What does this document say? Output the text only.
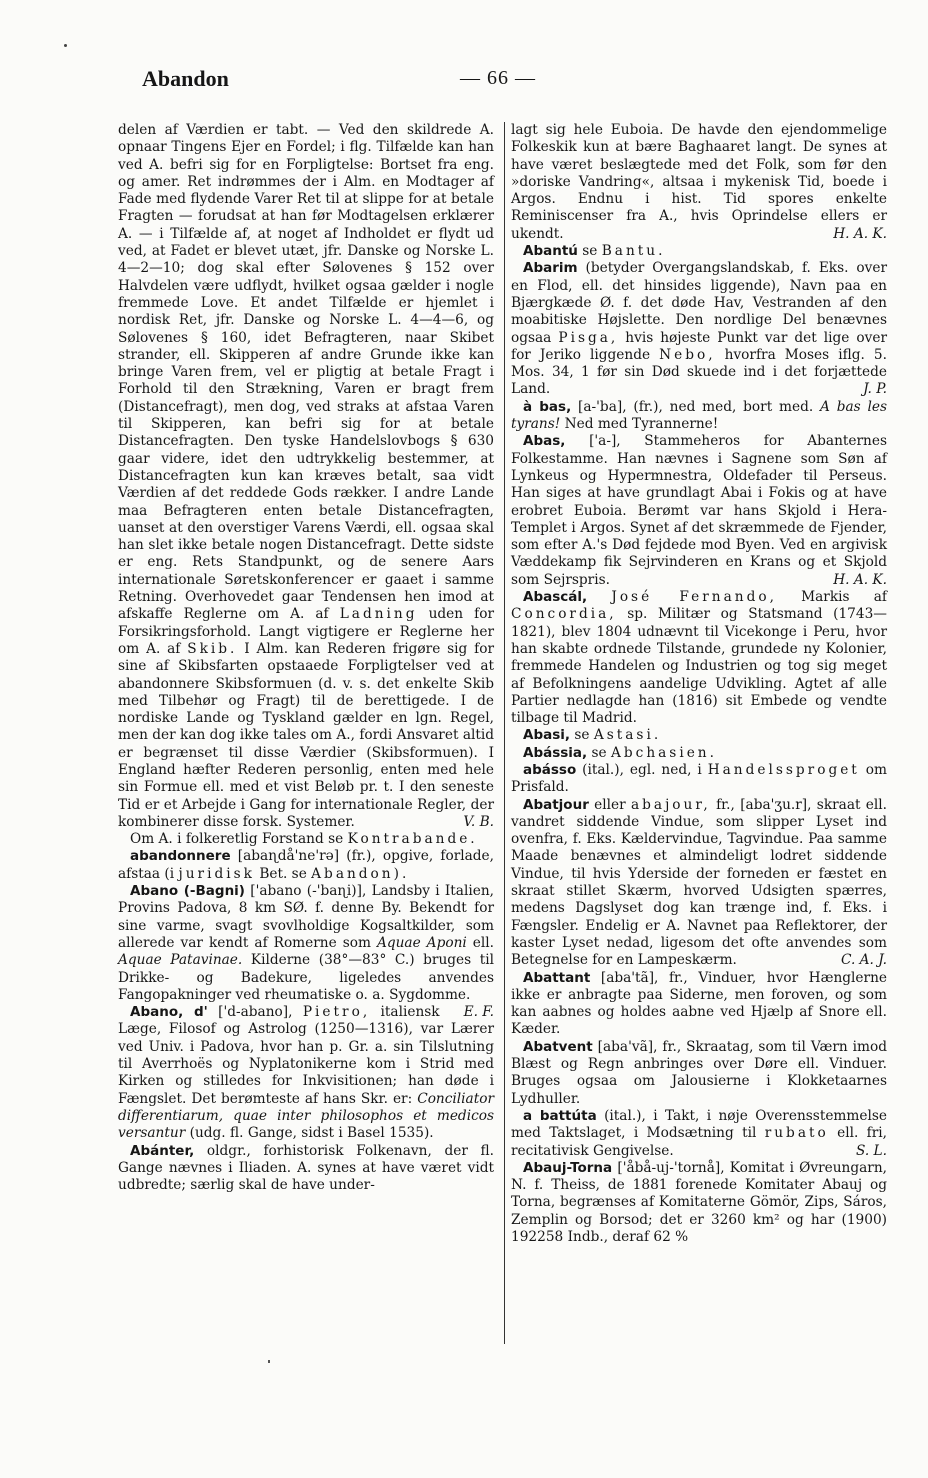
Abandon	— 66 —

delen af Værdien er tabt. — Ved den skildrede A. opnaar Tingens Ejer en Fordel; i flg. Tilfælde kan han ved A. befri sig for en Forpligtelse: Bortset fra eng. og amer. Ret indrømmes der i Alm. en Modtager af Fade med flydende Varer Ret til at slippe for at betale Fragten — forudsat at han før Modtagelsen erklærer A. — i Tilfælde af, at noget af Indholdet er flydt ud ved, at Fadet er blevet utæt, jfr. Danske og Norske L. 4—2—10; dog skal efter Sølovenes § 152 over Halvdelen være udflydt, hvilket ogsaa gælder i nogle fremmede Love. Et andet Tilfælde er hjemlet i nordisk Ret, jfr. Danske og Norske L. 4—4—6, og Sølovenes § 160, idet Befragteren, naar Skibet strander, ell. Skipperen af andre Grunde ikke kan bringe Varen frem, vel er pligtig at betale Fragt i Forhold til den Strækning, Varen er bragt frem (Distancefragt), men dog, ved straks at afstaa Varen til Skipperen, kan befri sig for at betale Distancefragten. Den tyske Handelslovbogs § 630 gaar videre, idet den udtrykkelig bestemmer, at Distancefragten kun kan kræves betalt, saa vidt Værdien af det reddede Gods rækker. I andre Lande maa Befragteren enten betale Distancefragten, uanset at den overstiger Varens Værdi, ell. ogsaa skal han slet ikke betale nogen Distancefragt. Dette sidste er eng. Rets Standpunkt, og de senere Aars internationale Søretskonferencer er gaaet i samme Retning. Overhovedet gaar Tendensen hen imod at afskaffe Reglerne om A. af Ladning uden for Forsikringsforhold. Langt vigtigere er Reglerne her om A. af Skib. I Alm. kan Rederen frigøre sig for sine af Skibsfarten opstaaede Forpligtelser ved at abandonnere Skibsformuen (d. v. s. det enkelte Skib med Tilbehør og Fragt) til de berettigede. I de nordiske Lande og Tyskland gælder en lgn. Regel, men der kan dog ikke tales om A., fordi Ansvaret altid er begrænset til disse Værdier (Skibsformuen). I England hæfter Rederen personlig, enten med hele sin Formue ell. med et vist Beløb pr. t. I den seneste Tid er et Arbejde i Gang for internationale Regler, der kombinerer disse forsk. Systemer.	V. B.

Om A. i folkeretlig Forstand se Kontrabande.

abandonnere [abaɳdå'ne'rə] (fr.), opgive, forlade, afstaa (i juridisk Bet. se Abandon).

Abano (-Bagni) ['abano (-'baɳi)], Landsby i Italien, Provins Padova, 8 km SØ. f. denne By. Bekendt for sine varme, svagt svovlholdige Kogsaltkilder, som allerede var kendt af Romerne som Aquae Aponi ell. Aquae Patavinae. Kilderne (38°—83° C.) bruges til Drikke- og Badekure, ligeledes anvendes Fangopakninger ved rheumatiske o. a. Sygdomme.
E. F.

Abano, d' ['d-abano], Pietro, italiensk Læge, Filosof og Astrolog (1250—1316), var Lærer ved Univ. i Padova, hvor han p. Gr. a. sin Tilslutning til Averrhoës og Nyplatonikerne kom i Strid med Kirken og stilledes for Inkvisitionen; han døde i Fængslet. Det berømteste af hans Skr. er: Conciliator differentiarum, quae inter philosophos et medicos versantur (udg. fl. Gange, sidst i Basel 1535).

Abánter, oldgr., forhistorisk Folkenavn, der fl. Gange nævnes i Iliaden. A. synes at have været vidt udbredte; særlig skal de have under-

lagt sig hele Euboia. De havde den ejendommelige Folkeskik kun at bære Baghaaret langt. De synes at have været beslægtede med det Folk, som før den »doriske Vandring«, altsaa i mykenisk Tid, boede i Argos. Endnu i hist. Tid spores enkelte Reminiscenser fra A., hvis Oprindelse ellers er ukendt.	H. A. K.

Abantú se Bantu.

Abarim (betyder Overgangslandskab, f. Eks. over en Flod, ell. det hinsides liggende), Navn paa en Bjærgkæde Ø. f. det døde Hav, Vestranden af den moabitiske Højslette. Den nordlige Del benævnes ogsaa Pisga, hvis højeste Punkt var det lige over for Jeriko liggende Nebo, hvorfra Moses iflg. 5. Mos. 34, 1 før sin Død skuede ind i det forjættede Land.	J. P.

à bas, [a-'ba], (fr.), ned med, bort med. A bas les tyrans! Ned med Tyrannerne!

Abas, ['a-], Stammeheros for Abanternes Folkestamme. Han nævnes i Sagnene som Søn af Lynkeus og Hypermnestra, Oldefader til Perseus. Han siges at have grundlagt Abai i Fokis og at have erobret Euboia. Berømt var hans Skjold i Hera-Templet i Argos. Synet af det skræmmede de Fjender, som efter A.'s Død fejdede mod Byen. Ved en argivisk Væddekamp fik Sejrvinderen en Krans og et Skjold som Sejrspris.	H. A. K.

Abascál, José Fernando, Markis af Concordia, sp. Militær og Statsmand (1743—1821), blev 1804 udnævnt til Vicekonge i Peru, hvor han skabte ordnede Tilstande, grundede ny Kolonier, fremmede Handelen og Industrien og tog sig meget af Befolkningens aandelige Udvikling. Agtet af alle Partier nedlagde han (1816) sit Embede og vendte tilbage til Madrid.

Abasi, se Astasi.

Abássia, se Abchasien.

abásso (ital.), egl. ned, i Handelssproget om Prisfald.

Abatjour eller abajour, fr., [aba'ʒu.r], skraat ell. vandret siddende Vindue, som slipper Lyset ind ovenfra, f. Eks. Kældervindue, Tagvindue. Paa samme Maade benævnes et almindeligt lodret siddende Vindue, til hvis Yderside der forneden er fæstet en skraat stillet Skærm, hvorved Udsigten spærres, medens Dagslyset dog kan trænge ind, f. Eks. i Fængsler. Endelig er A. Navnet paa Reflektorer, der kaster Lyset nedad, ligesom det ofte anvendes som Betegnelse for en Lampeskærm.	C. A. J.

Abattant [aba'tã], fr., Vinduer, hvor Hænglerne ikke er anbragte paa Siderne, men foroven, og som kan aabnes og holdes aabne ved Hjælp af Snore ell. Kæder.

Abatvent [aba'vã], fr., Skraatag, som til Værn imod Blæst og Regn anbringes over Døre ell. Vinduer. Bruges ogsaa om Jalousierne i Klokketaarnes Lydhuller.

a battúta (ital.), i Takt, i nøje Overensstemmelse med Taktslaget, i Modsætning til rubato ell. fri, recitativisk Gengivelse.	S. L.

Abauj-Torna ['åbå-uj-'tornå], Komitat i Øvreungarn, N. f. Theiss, de 1881 forenede Komitater Abauj og Torna, begrænses af Komitaterne Gömör, Zips, Sáros, Zemplin og Borsod; det er 3260 km² og har (1900) 192258 Indb., deraf 62 %
